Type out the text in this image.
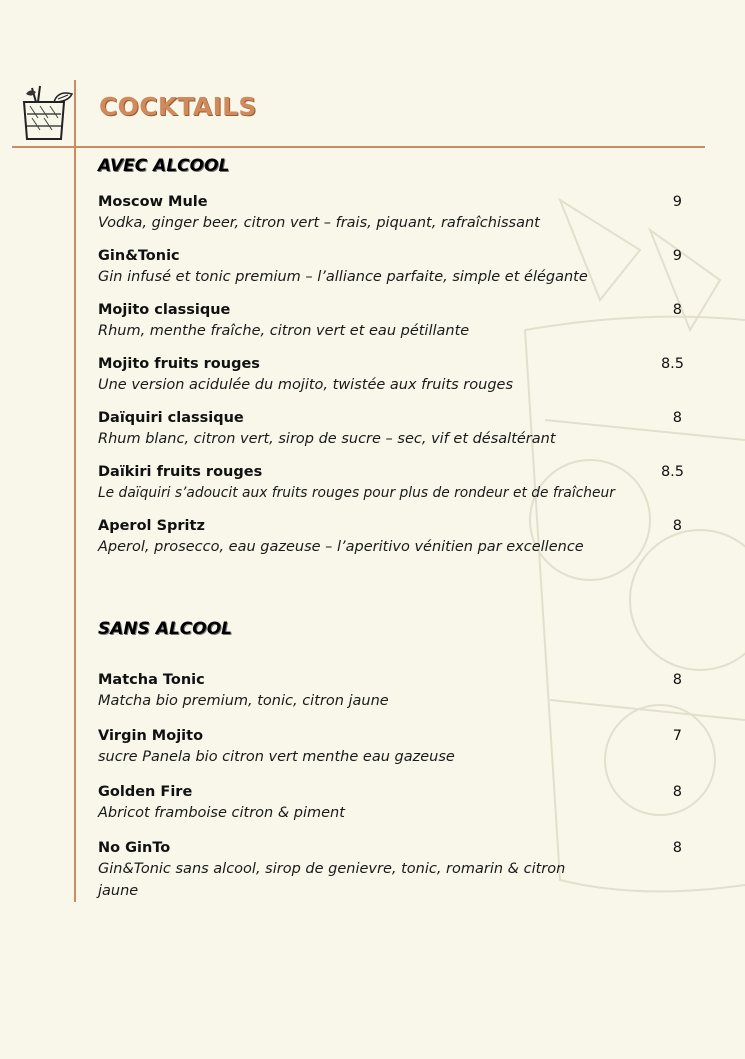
COCKTAILS
AVEC ALCOOL
Moscow Mule
Vodka, ginger beer, citron vert – frais, piquant, rafraîchissant
9
Gin&Tonic
Gin infusé et tonic premium – l’alliance parfaite, simple et élégante
9
Mojito classique
Rhum, menthe fraîche, citron vert et eau pétillante
8
Mojito fruits rouges
Une version acidulée du mojito, twistée aux fruits rouges
8.5
Daïquiri classique
Rhum blanc, citron vert, sirop de sucre – sec, vif et désaltérant
8
Daïkiri fruits rouges
Le daïquiri s’adoucit aux fruits rouges pour plus de rondeur et de fraîcheur
8.5
Aperol Spritz
Aperol, prosecco, eau gazeuse – l’aperitivo vénitien par excellence
8
SANS ALCOOL
Matcha Tonic
Matcha bio premium, tonic, citron jaune
8
Virgin Mojito
sucre Panela bio citron vert menthe eau gazeuse
7
Golden Fire
Abricot framboise citron & piment
8
No GinTo
Gin&Tonic sans alcool, sirop de genievre, tonic, romarin & citron jaune
8
